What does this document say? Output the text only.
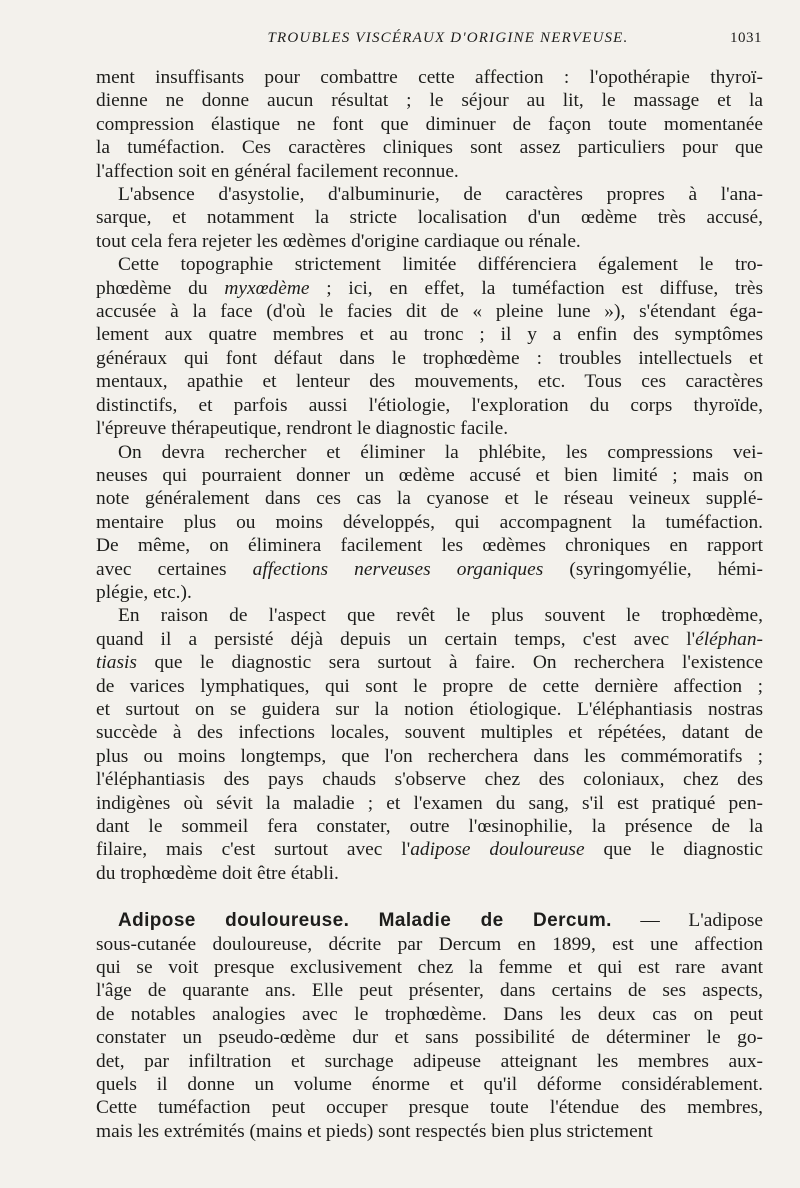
TROUBLES VISCÉRAUX D'ORIGINE NERVEUSE.	1031
ment insuffisants pour combattre cette affection : l'opothérapie thyroï-
dienne ne donne aucun résultat ; le séjour au lit, le massage et la
compression élastique ne font que diminuer de façon toute momentanée
la tuméfaction. Ces caractères cliniques sont assez particuliers pour que
l'affection soit en général facilement reconnue.
L'absence d'asystolie, d'albuminurie, de caractères propres à l'ana-
sarque, et notamment la stricte localisation d'un œdème très accusé,
tout cela fera rejeter les œdèmes d'origine cardiaque ou rénale.
Cette topographie strictement limitée différenciera également le tro-
phœdème du myxœdème ; ici, en effet, la tuméfaction est diffuse, très
accusée à la face (d'où le facies dit de « pleine lune »), s'étendant éga-
lement aux quatre membres et au tronc ; il y a enfin des symptômes
généraux qui font défaut dans le trophœdème : troubles intellectuels et
mentaux, apathie et lenteur des mouvements, etc. Tous ces caractères
distinctifs, et parfois aussi l'étiologie, l'exploration du corps thyroïde,
l'épreuve thérapeutique, rendront le diagnostic facile.
On devra rechercher et éliminer la phlébite, les compressions vei-
neuses qui pourraient donner un œdème accusé et bien limité ; mais on
note généralement dans ces cas la cyanose et le réseau veineux supplé-
mentaire plus ou moins développés, qui accompagnent la tuméfaction.
De même, on éliminera facilement les œdèmes chroniques en rapport
avec certaines affections nerveuses organiques (syringomyélie, hémi-
plégie, etc.).
En raison de l'aspect que revêt le plus souvent le trophœdème,
quand il a persisté déjà depuis un certain temps, c'est avec l'éléphan-
tiasis que le diagnostic sera surtout à faire. On recherchera l'existence
de varices lymphatiques, qui sont le propre de cette dernière affection ;
et surtout on se guidera sur la notion étiologique. L'éléphantiasis nostras
succède à des infections locales, souvent multiples et répétées, datant de
plus ou moins longtemps, que l'on recherchera dans les commémoratifs ;
l'éléphantiasis des pays chauds s'observe chez des coloniaux, chez des
indigènes où sévit la maladie ; et l'examen du sang, s'il est pratiqué pen-
dant le sommeil fera constater, outre l'œsinophilie, la présence de la
filaire, mais c'est surtout avec l'adipose douloureuse que le diagnostic
du trophœdème doit être établi.
Adipose douloureuse. Maladie de Dercum. — L'adipose
sous-cutanée douloureuse, décrite par Dercum en 1899, est une affection
qui se voit presque exclusivement chez la femme et qui est rare avant
l'âge de quarante ans. Elle peut présenter, dans certains de ses aspects,
de notables analogies avec le trophœdème. Dans les deux cas on peut
constater un pseudo-œdème dur et sans possibilité de déterminer le go-
det, par infiltration et surchage adipeuse atteignant les membres aux-
quels il donne un volume énorme et qu'il déforme considérablement.
Cette tuméfaction peut occuper presque toute l'étendue des membres,
mais les extrémités (mains et pieds) sont respectés bien plus strictement
